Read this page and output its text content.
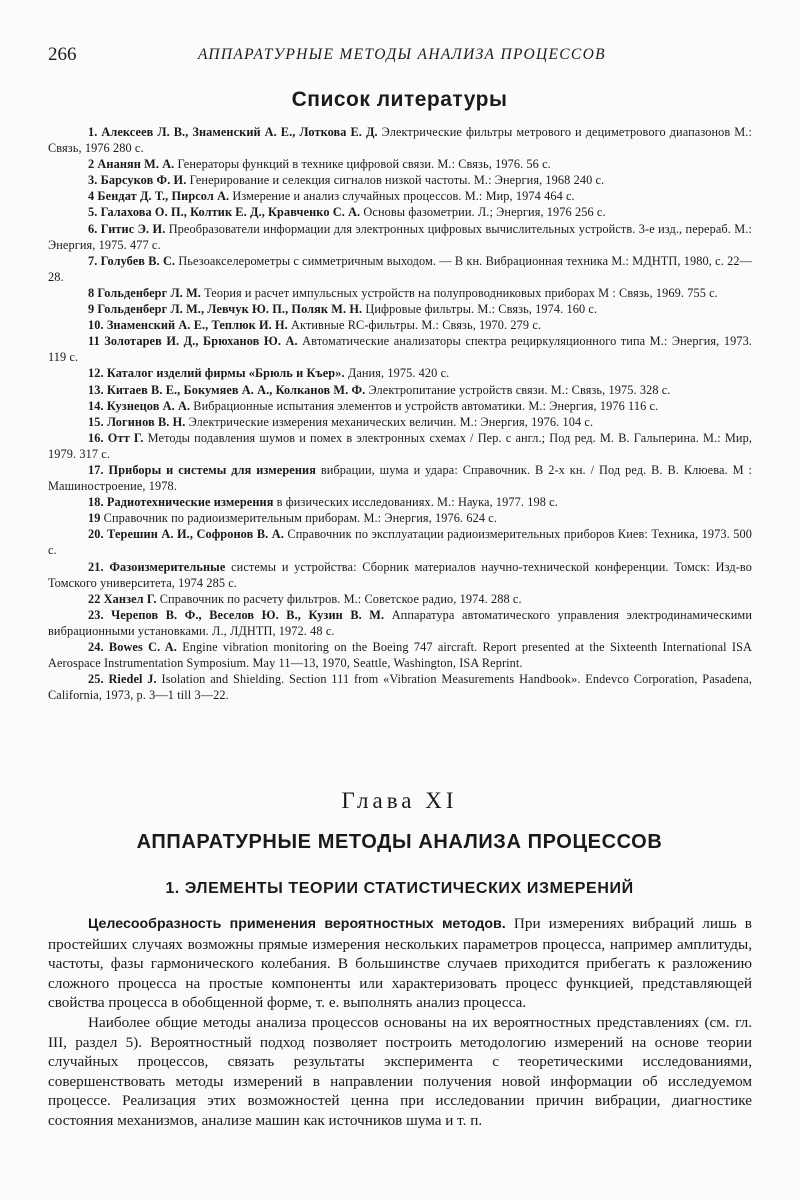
266	АППАРАТУРНЫЕ МЕТОДЫ АНАЛИЗА ПРОЦЕССОВ
Список литературы

1. Алексеев Л. В., Знаменский А. Е., Лоткова Е. Д. Электрические фильтры метрового и дециметрового диапазонов М.: Связь, 1976 280 с.

2 Ананян М. А. Генераторы функций в технике цифровой связи. М.: Связь, 1976. 56 с.

3. Барсуков Ф. И. Генерирование и селекция сигналов низкой частоты. М.: Энергия, 1968 240 с.

4 Бендат Д. Т., Пирсол А. Измерение и анализ случайных процессов. М.: Мир, 1974 464 с.

5. Галахова О. П., Колтик Е. Д., Кравченко С. А. Основы фазометрии. Л.; Энергия, 1976 256 с.

6. Гитис Э. И. Преобразователи информации для электронных цифровых вычислительных устройств. 3-е изд., перераб. М.: Энергия, 1975. 477 с.

7. Голубев В. С. Пьезоакселерометры с симметричным выходом. — В кн. Вибрационная техника М.: МДНТП, 1980, с. 22—28.

8 Гольденберг Л. М. Теория и расчет импульсных устройств на полупроводниковых приборах М : Связь, 1969. 755 с.

9 Гольденберг Л. М., Левчук Ю. П., Поляк М. Н. Цифровые фильтры. М.: Связь, 1974. 160 с.

10. Знаменский А. Е., Теплюк И. Н. Активные RC-фильтры. М.: Связь, 1970. 279 с.

11 Золотарев И. Д., Брюханов Ю. А. Автоматические анализаторы спектра рециркуляционного типа М.: Энергия, 1973. 119 с.

12. Каталог изделий фирмы «Брюль и Къер». Дания, 1975. 420 с.

13. Китаев В. Е., Бокумяев А. А., Колканов М. Ф. Электропитание устройств связи. М.: Связь, 1975. 328 с.

14. Кузнецов А. А. Вибрационные испытания элементов и устройств автоматики. М.: Энергия, 1976 116 с.

15. Логинов В. Н. Электрические измерения механических величин. М.: Энергия, 1976. 104 с.

16. Отт Г. Методы подавления шумов и помех в электронных схемах / Пер. с англ.; Под ред. М. В. Гальперина. М.: Мир, 1979. 317 с.

17. Приборы и системы для измерения вибрации, шума и удара: Справочник. В 2-х кн. / Под ред. В. В. Клюева. М : Машиностроение, 1978.

18. Радиотехнические измерения в физических исследованиях. М.: Наука, 1977. 198 с.

19 Справочник по радиоизмерительным приборам. М.: Энергия, 1976. 624 с.

20. Терешин А. И., Софронов В. А. Справочник по эксплуатации радиоизмерительных приборов Киев: Техника, 1973. 500 с.

21. Фазоизмерительные системы и устройства: Сборник материалов научно-технической конференции. Томск: Изд-во Томского университета, 1974 285 с.

22 Ханзел Г. Справочник по расчету фильтров. М.: Советское радио, 1974. 288 с.

23. Черепов В. Ф., Веселов Ю. В., Кузин В. М. Аппаратура автоматического управления электродинамическими вибрационными установками. Л., ЛДНТП, 1972. 48 с.

24. Bowes C. A. Engine vibration monitoring on the Boeing 747 aircraft. Report presented at the Sixteenth International ISA Aerospace Instrumentation Symposium. May 11—13, 1970, Seattle, Washington, ISA Reprint.

25. Riedel J. Isolation and Shielding. Section 111 from «Vibration Measurements Handbook». Endevco Corporation, Pasadena, California, 1973, p. 3—1 till 3—22.

Глава XI
АППАРАТУРНЫЕ МЕТОДЫ АНАЛИЗА ПРОЦЕССОВ
1. ЭЛЕМЕНТЫ ТЕОРИИ СТАТИСТИЧЕСКИХ ИЗМЕРЕНИЙ

Целесообразность применения вероятностных методов. При измерениях вибраций лишь в простейших случаях возможны прямые измерения нескольких параметров процесса, например амплитуды, частоты, фазы гармонического колебания. В большинстве случаев приходится прибегать к разложению сложного процесса на простые компоненты или характеризовать процесс функцией, представляющей свойства процесса в обобщенной форме, т. е. выполнять анализ процесса.

Наиболее общие методы анализа процессов основаны на их вероятностных представлениях (см. гл. III, раздел 5). Вероятностный подход позволяет построить методологию измерений на основе теории случайных процессов, связать результаты эксперимента с теоретическими исследованиями, совершенствовать методы измерений в направлении получения новой информации об исследуемом процессе. Реализация этих возможностей ценна при исследовании причин вибрации, диагностике состояния механизмов, анализе машин как источников шума и т. п.
